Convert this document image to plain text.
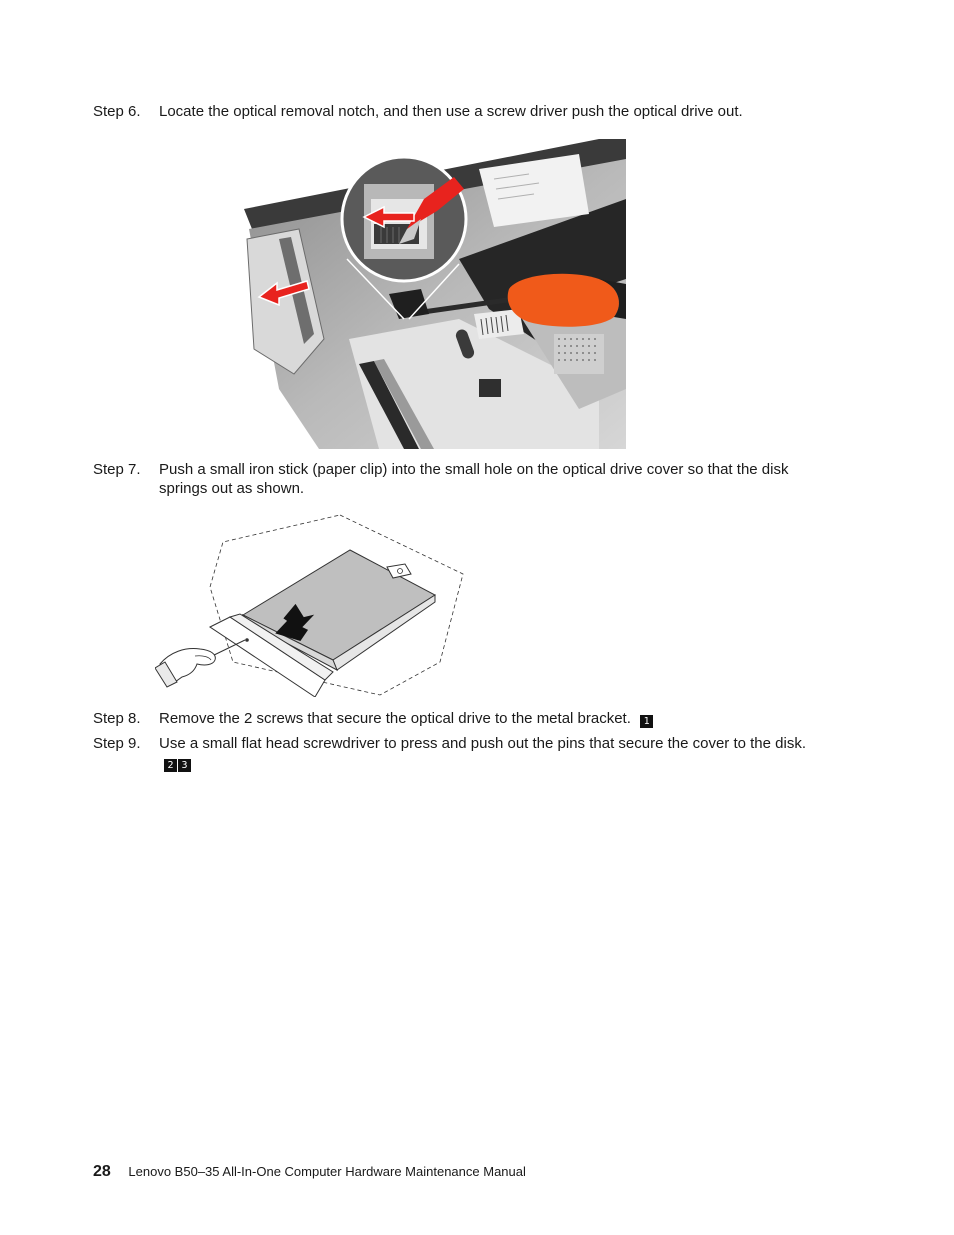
Step 6.	Locate the optical removal notch, and then use a screw driver push the optical drive out.
Step 7.	Push a small iron stick (paper clip) into the small hole on the optical drive cover so that the disk springs out as shown.
Step 8.	Remove the 2 screws that secure the optical drive to the metal bracket. 1
Step 9.	Use a small flat head screwdriver to press and push out the pins that secure the cover to the disk. 2 3
28 Lenovo B50–35 All-In-One Computer Hardware Maintenance Manual
